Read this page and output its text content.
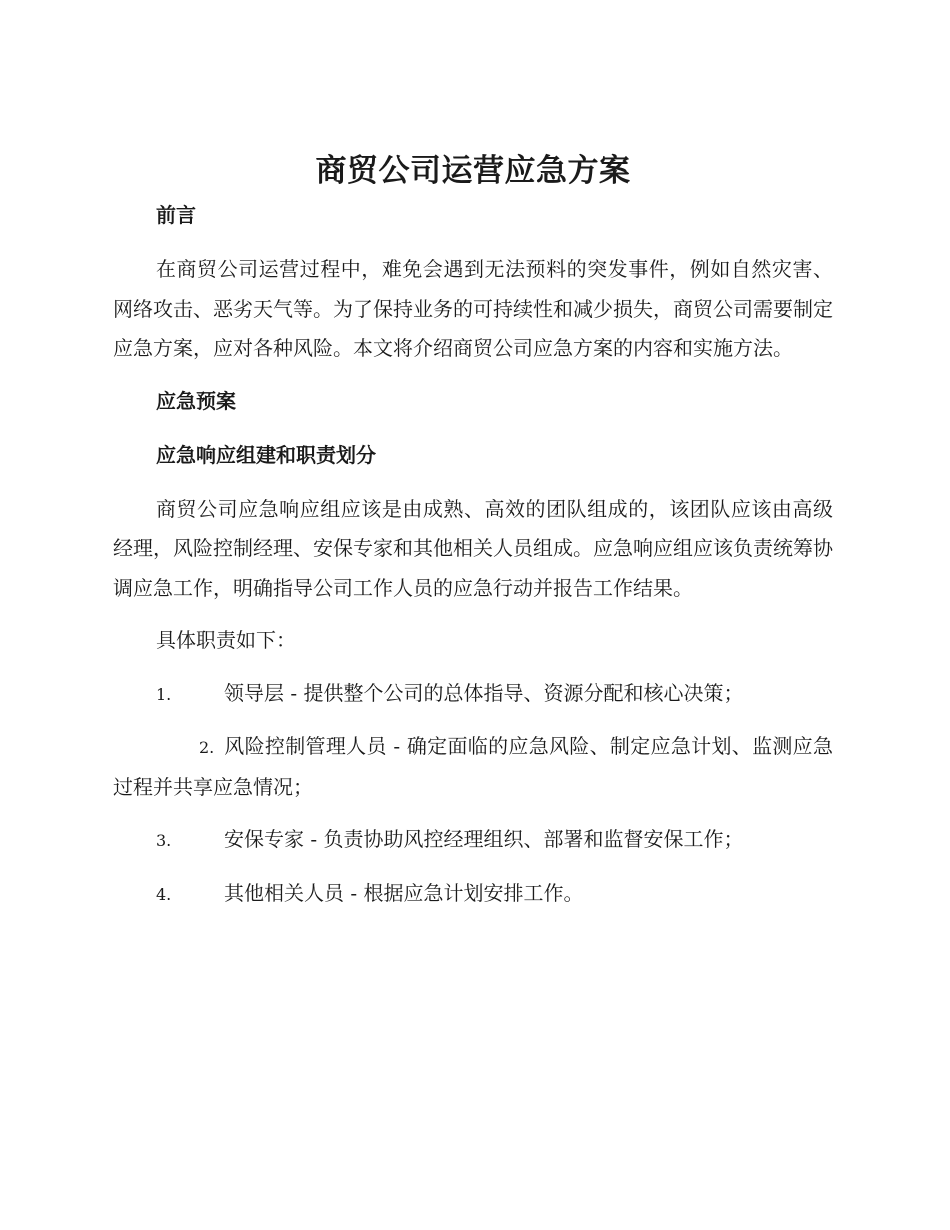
商贸公司运营应急方案
前言

在商贸公司运营过程中，难免会遇到无法预料的突发事件，例如自然灾害、网络攻击、恶劣天气等。为了保持业务的可持续性和减少损失，商贸公司需要制定应急方案，应对各种风险。本文将介绍商贸公司应急方案的内容和实施方法。

应急预案
应急响应组建和职责划分

商贸公司应急响应组应该是由成熟、高效的团队组成的，该团队应该由高级经理，风险控制经理、安保专家和其他相关人员组成。应急响应组应该负责统筹协调应急工作，明确指导公司工作人员的应急行动并报告工作结果。

具体职责如下：

1.	领导层 - 提供整个公司的总体指导、资源分配和核心决策；

2. 风险控制管理人员 - 确定面临的应急风险、制定应急计划、监测应急过程并共享应急情况；

3.	安保专家 - 负责协助风控经理组织、部署和监督安保工作；

4.	其他相关人员 - 根据应急计划安排工作。
